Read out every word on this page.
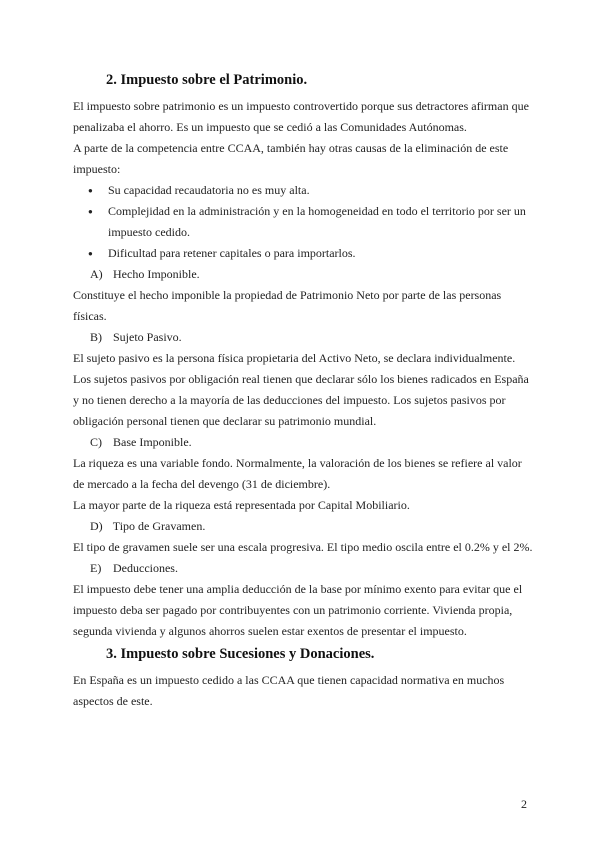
2. Impuesto sobre el Patrimonio.

El impuesto sobre patrimonio es un impuesto controvertido porque sus detractores afirman que penalizaba el ahorro. Es un impuesto que se cedió a las Comunidades Autónomas.

A parte de la competencia entre CCAA, también hay otras causas de la eliminación de este impuesto:

● Su capacidad recaudatoria no es muy alta.
● Complejidad en la administración y en la homogeneidad en todo el territorio por ser un impuesto cedido.
● Dificultad para retener capitales o para importarlos.
A) Hecho Imponible.

Constituye el hecho imponible la propiedad de Patrimonio Neto por parte de las personas físicas.

B) Sujeto Pasivo.

El sujeto pasivo es la persona física propietaria del Activo Neto, se declara individualmente.

Los sujetos pasivos por obligación real tienen que declarar sólo los bienes radicados en España y no tienen derecho a la mayoría de las deducciones del impuesto. Los sujetos pasivos por obligación personal tienen que declarar su patrimonio mundial.

C) Base Imponible.

La riqueza es una variable fondo. Normalmente, la valoración de los bienes se refiere al valor de mercado a la fecha del devengo (31 de diciembre).

La mayor parte de la riqueza está representada por Capital Mobiliario.

D) Tipo de Gravamen.

El tipo de gravamen suele ser una escala progresiva. El tipo medio oscila entre el 0.2% y el 2%.

E) Deducciones.

El impuesto debe tener una amplia deducción de la base por mínimo exento para evitar que el impuesto deba ser pagado por contribuyentes con un patrimonio corriente. Vivienda propia, segunda vivienda y algunos ahorros suelen estar exentos de presentar el impuesto.

3. Impuesto sobre Sucesiones y Donaciones.

En España es un impuesto cedido a las CCAA que tienen capacidad normativa en muchos aspectos de este.

2
